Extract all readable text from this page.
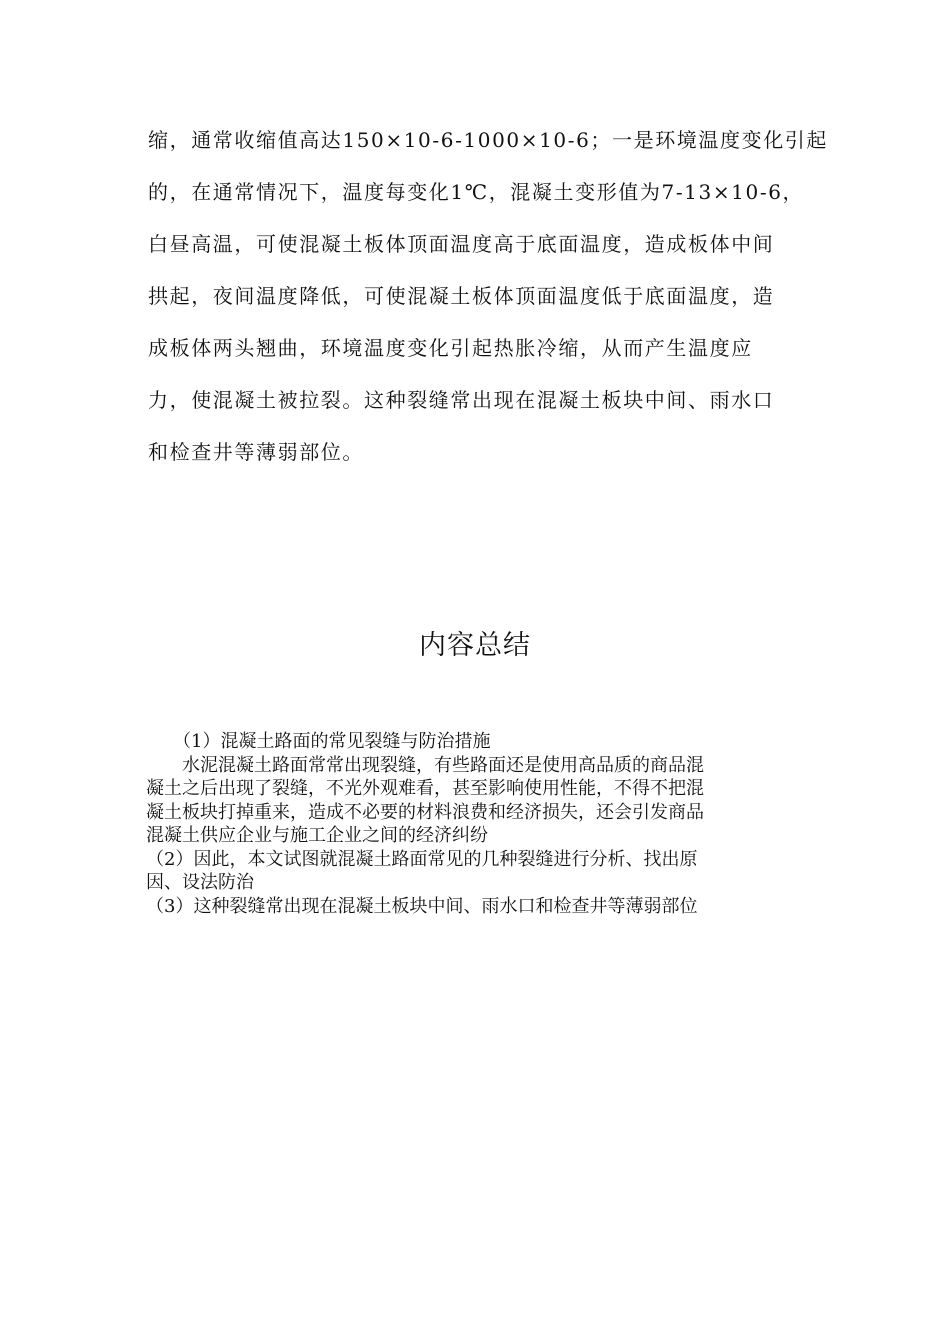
缩，通常收缩值高达150×10-6-1000×10-6；一是环境温度变化引起
的，在通常情况下，温度每变化1℃，混凝土变形值为7-13×10-6，
白昼高温，可使混凝土板体顶面温度高于底面温度，造成板体中间
拱起，夜间温度降低，可使混凝土板体顶面温度低于底面温度，造
成板体两头翘曲，环境温度变化引起热胀冷缩，从而产生温度应
力，使混凝土被拉裂。这种裂缝常出现在混凝土板块中间、雨水口
和检查井等薄弱部位。
内容总结
　　（1）混凝土路面的常见裂缝与防治措施
　　水泥混凝土路面常常出现裂缝，有些路面还是使用高品质的商品混
凝土之后出现了裂缝，不光外观难看，甚至影响使用性能，不得不把混
凝土板块打掉重来，造成不必要的材料浪费和经济损失，还会引发商品
混凝土供应企业与施工企业之间的经济纠纷
（2）因此，本文试图就混凝土路面常见的几种裂缝进行分析、找出原
因、设法防治
（3）这种裂缝常出现在混凝土板块中间、雨水口和检查井等薄弱部位
